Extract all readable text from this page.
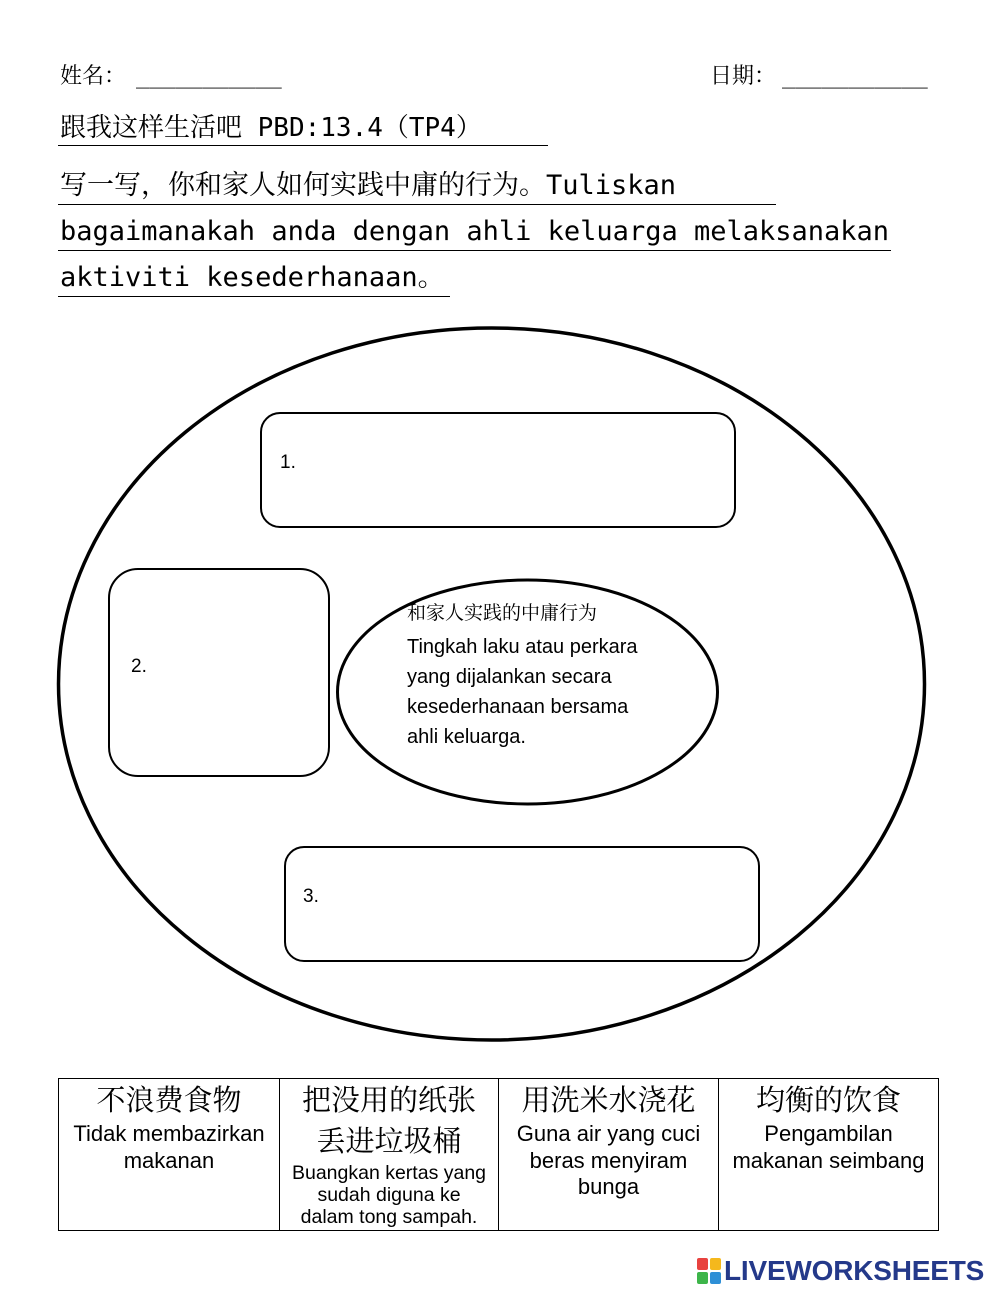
姓名： ___________	日期： ___________
跟我这样生活吧 PBD:13.4（TP4）
写一写，你和家人如何实践中庸的行为。Tuliskan
bagaimanakah anda dengan ahli keluarga melaksanakan
aktiviti kesederhanaan。
1.
2.
3.
和家人实践的中庸行为
Tingkah laku atau perkara
yang dijalankan secara
kesederhanaan bersama
ahli keluarga.
不浪费食物
Tidak membazirkan
makanan
把没用的纸张
丢进垃圾桶
Buangkan kertas yang
sudah diguna ke
dalam tong sampah.
用洗米水浇花
Guna air yang cuci
beras menyiram
bunga
均衡的饮食
Pengambilan
makanan seimbang
LIVEWORKSHEETS
